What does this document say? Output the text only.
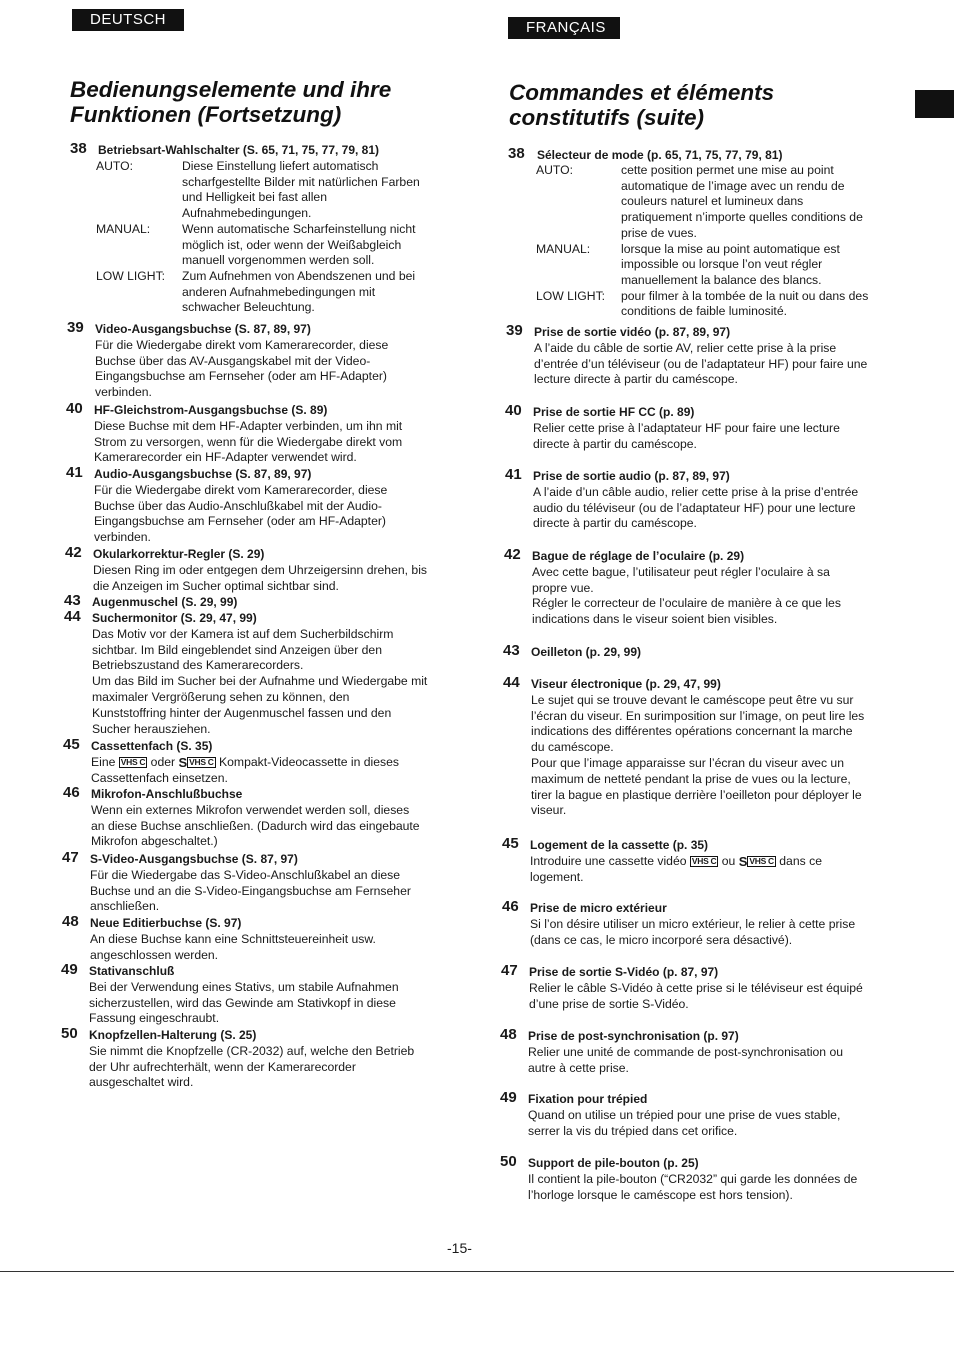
DEUTSCH	FRANÇAIS
Bedienungselemente und ihre
Funktionen (Fortsetzung)
Commandes et éléments
constitutifs (suite)
38 Betriebsart-Wahlschalter (S. 65, 71, 75, 77, 79, 81)
AUTO:	Diese Einstellung liefert automatisch
scharfgestellte Bilder mit natürlichen Farben
und Helligkeit bei fast allen
Aufnahmebedingungen.
MANUAL:	Wenn automatische Scharfeinstellung nicht
möglich ist, oder wenn der Weißabgleich
manuell vorgenommen werden soll.
LOW LIGHT: Zum Aufnehmen von Abendszenen und bei
anderen Aufnahmebedingungen mit
schwacher Beleuchtung.
39 Video-Ausgangsbuchse (S. 87, 89, 97)
Für die Wiedergabe direkt vom Kamerarecorder, diese
Buchse über das AV-Ausgangskabel mit der Video-
Eingangsbuchse am Fernseher (oder am HF-Adapter)
verbinden.
40 HF-Gleichstrom-Ausgangsbuchse (S. 89)
Diese Buchse mit dem HF-Adapter verbinden, um ihn mit
Strom zu versorgen, wenn für die Wiedergabe direkt vom
Kamerarecorder ein HF-Adapter verwendet wird.
41 Audio-Ausgangsbuchse (S. 87, 89, 97)
Für die Wiedergabe direkt vom Kamerarecorder, diese
Buchse über das Audio-Anschlußkabel mit der Audio-
Eingangsbuchse am Fernseher (oder am HF-Adapter)
verbinden.
42 Okularkorrektur-Regler (S. 29)
Diesen Ring im oder entgegen dem Uhrzeigersinn drehen, bis
die Anzeigen im Sucher optimal sichtbar sind.
43 Augenmuschel (S. 29, 99)
44 Suchermonitor (S. 29, 47, 99)
Das Motiv vor der Kamera ist auf dem Sucherbildschirm
sichtbar. Im Bild eingeblendet sind Anzeigen über den
Betriebszustand des Kamerarecorders.
Um das Bild im Sucher bei der Aufnahme und Wiedergabe mit
maximaler Vergrößerung sehen zu können, den
Kunststoffring hinter der Augenmuschel fassen und den
Sucher herausziehen.
45 Cassettenfach (S. 35)
Eine VHS C oder S VHS C Kompakt-Videocassette in dieses
Cassettenfach einsetzen.
46 Mikrofon-Anschlußbuchse
Wenn ein externes Mikrofon verwendet werden soll, dieses
an diese Buchse anschließen. (Dadurch wird das eingebaute
Mikrofon abgeschaltet.)
47 S-Video-Ausgangsbuchse (S. 87, 97)
Für die Wiedergabe das S-Video-Anschlußkabel an diese
Buchse und an die S-Video-Eingangsbuchse am Fernseher
anschließen.
48 Neue Editierbuchse (S. 97)
An diese Buchse kann eine Schnittsteuereinheit usw.
angeschlossen werden.
49 Stativanschluß
Bei der Verwendung eines Stativs, um stabile Aufnahmen
sicherzustellen, wird das Gewinde am Stativkopf in diese
Fassung eingeschraubt.
50 Knopfzellen-Halterung (S. 25)
Sie nimmt die Knopfzelle (CR-2032) auf, welche den Betrieb
der Uhr aufrechterhält, wenn der Kamerarecorder
ausgeschaltet wird.
38 Sélecteur de mode (p. 65, 71, 75, 77, 79, 81)
AUTO:	cette position permet une mise au point
automatique de l’image avec un rendu de
couleurs naturel et lumineux dans
pratiquement n’importe quelles conditions de
prise de vues.
MANUAL:	lorsque la mise au point automatique est
impossible ou lorsque l’on veut régler
manuellement la balance des blancs.
LOW LIGHT: pour filmer à la tombée de la nuit ou dans des
conditions de faible luminosité.
39 Prise de sortie vidéo (p. 87, 89, 97)
A l’aide du câble de sortie AV, relier cette prise à la prise
d’entrée d’un téléviseur (ou de l’adaptateur HF) pour faire une
lecture directe à partir du caméscope.
40 Prise de sortie HF CC (p. 89)
Relier cette prise à l’adaptateur HF pour faire une lecture
directe à partir du caméscope.
41 Prise de sortie audio (p. 87, 89, 97)
A l’aide d’un câble audio, relier cette prise à la prise d’entrée
audio du téléviseur (ou de l’adaptateur HF) pour une lecture
directe à partir du caméscope.
42 Bague de réglage de l’oculaire (p. 29)
Avec cette bague, l’utilisateur peut régler l’oculaire à sa
propre vue.
Régler le correcteur de l’oculaire de manière à ce que les
indications dans le viseur soient bien visibles.
43 Oeilleton (p. 29, 99)
44 Viseur électronique (p. 29, 47, 99)
Le sujet qui se trouve devant le caméscope peut être vu sur
l’écran du viseur. En surimposition sur l’image, on peut lire les
indications des différentes opérations concernant la marche
du caméscope.
Pour que l’image apparaisse sur l’écran du viseur avec un
maximum de netteté pendant la prise de vues ou la lecture,
tirer la bague en plastique derrière l’oeilleton pour déployer le
viseur.
45 Logement de la cassette (p. 35)
Introduire une cassette vidéo VHS C ou S VHS C dans ce
logement.
46 Prise de micro extérieur
Si l’on désire utiliser un micro extérieur, le relier à cette prise
(dans ce cas, le micro incorporé sera désactivé).
47 Prise de sortie S-Vidéo (p. 87, 97)
Relier le câble S-Vidéo à cette prise si le téléviseur est équipé
d’une prise de sortie S-Vidéo.
48 Prise de post-synchronisation (p. 97)
Relier une unité de commande de post-synchronisation ou
autre à cette prise.
49 Fixation pour trépied
Quand on utilise un trépied pour une prise de vues stable,
serrer la vis du trépied dans cet orifice.
50 Support de pile-bouton (p. 25)
Il contient la pile-bouton (“CR2032” qui garde les données de
l’horloge lorsque le caméscope est hors tension).
-15-
